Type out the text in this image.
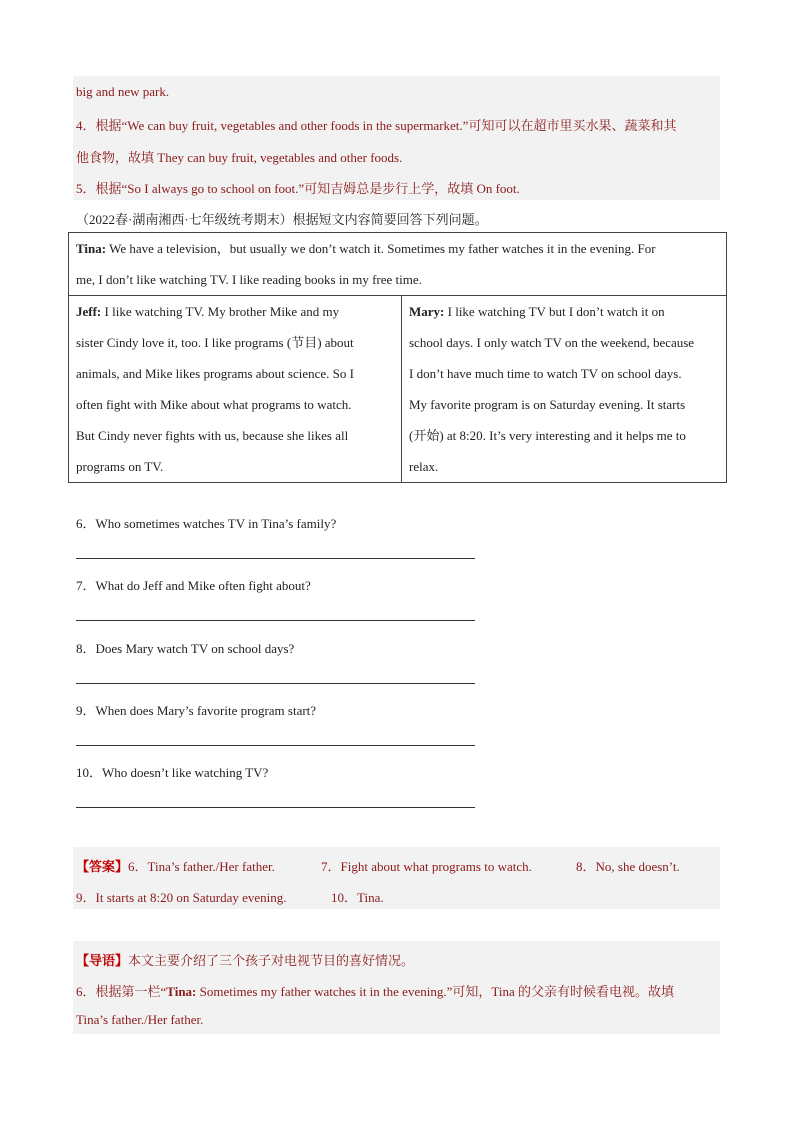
big and new park.
4．根据“We can buy fruit, vegetables and other foods in the supermarket.”可知可以在超市里买水果、蔬菜和其
他食物，故填 They can buy fruit, vegetables and other foods.
5．根据“So I always go to school on foot.”可知吉姆总是步行上学，故填 On foot.
（2022春·湖南湘西·七年级统考期末）根据短文内容简要回答下列问题。
Tina: We have a television，but usually we don’t watch it. Sometimes my father watches it in the evening. For
me, I don’t like watching TV. I like reading books in my free time.

Jeff: I like watching TV. My brother Mike and my
sister Cindy love it, too. I like programs (节目) about
animals, and Mike likes programs about science. So I
often fight with Mike about what programs to watch.
But Cindy never fights with us, because she likes all
programs on TV.

Mary: I like watching TV but I don’t watch it on
school days. I only watch TV on the weekend, because
I don’t have much time to watch TV on school days.
My favorite program is on Saturday evening. It starts
(开始) at 8:20. It’s very interesting and it helps me to
relax.
6．Who sometimes watches TV in Tina’s family?
7．What do Jeff and Mike often fight about?
8．Does Mary watch TV on school days?
9．When does Mary’s favorite program start?
10．Who doesn’t like watching TV?
【答案】6．Tina’s father./Her father.	7．Fight about what programs to watch.	8．No, she doesn’t.
9．It starts at 8:20 on Saturday evening.	10．Tina.
【导语】本文主要介绍了三个孩子对电视节目的喜好情况。
6．根据第一栏“Tina: Sometimes my father watches it in the evening.”可知，Tina 的父亲有时候看电视。故填
Tina’s father./Her father.
